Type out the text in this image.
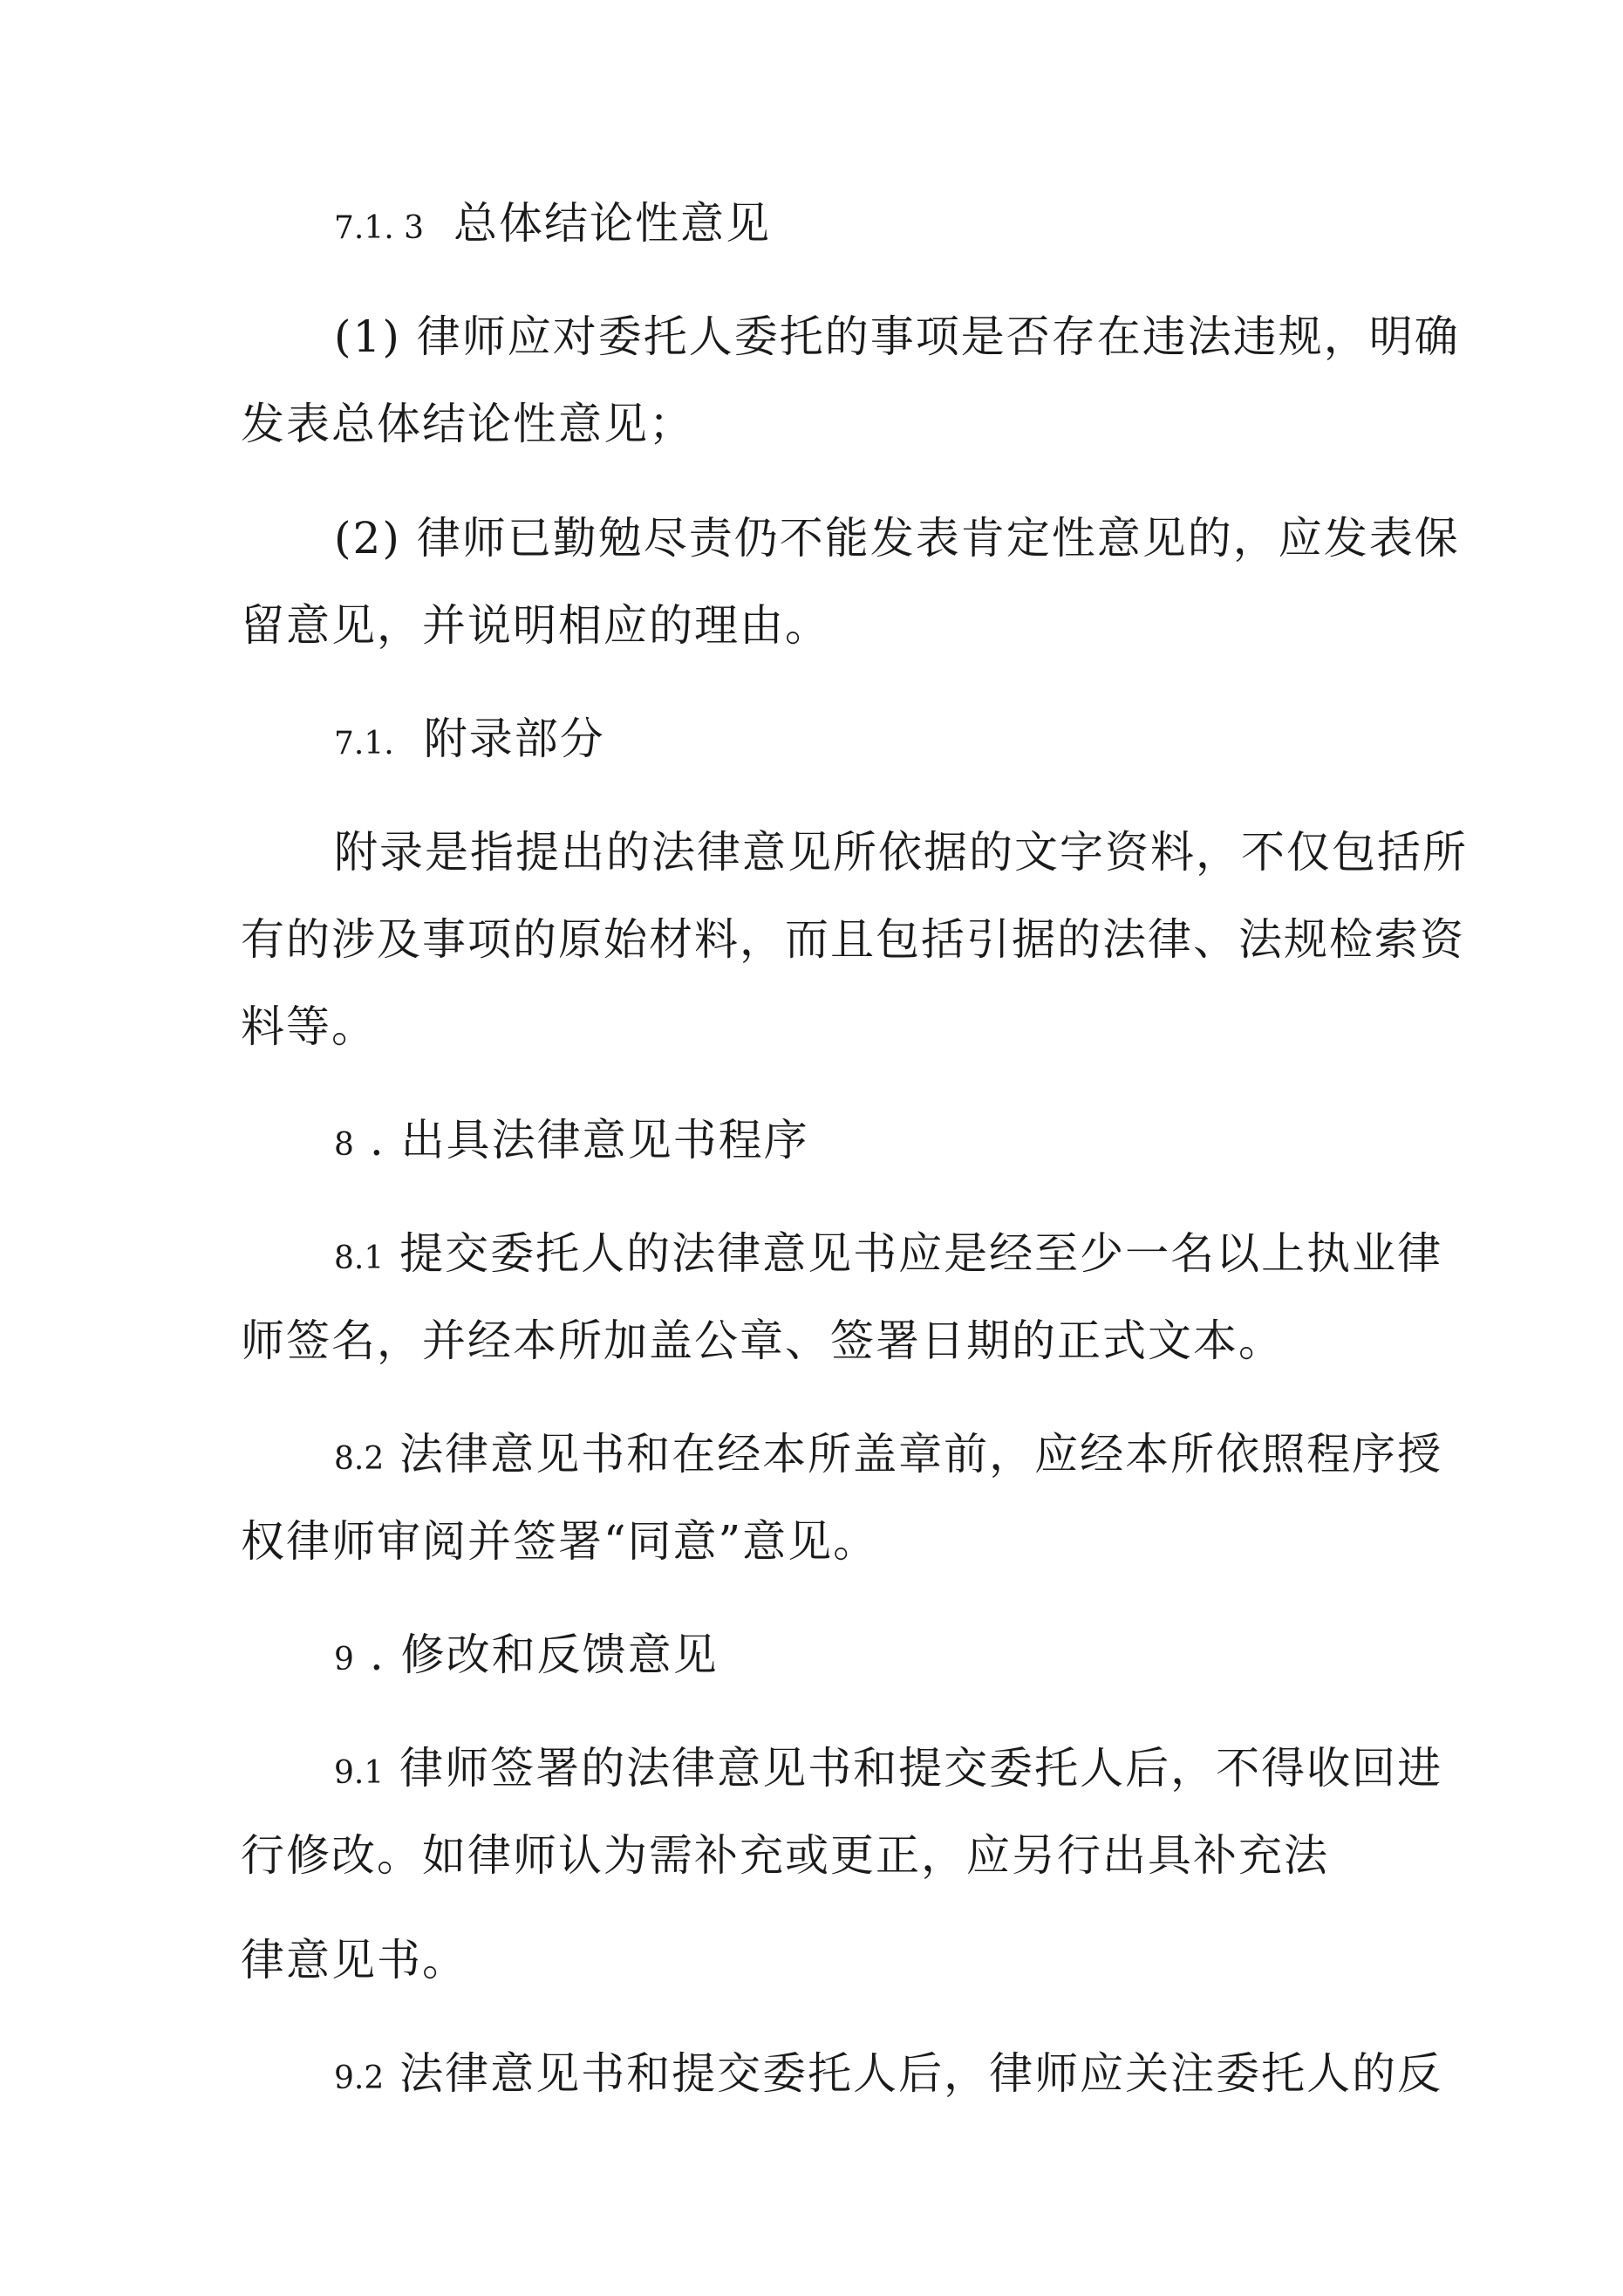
7.1. 3 总体结论性意见
(1) 律师应对委托人委托的事项是否存在违法违规，明确
发表总体结论性意见；
(2) 律师已勤勉尽责仍不能发表肯定性意见的，应发表保
留意见，并说明相应的理由。
7.1. 附录部分
附录是指提出的法律意见所依据的文字资料，不仅包括所
有的涉及事项的原始材料，而且包括引据的法律、法规检索资
料等。
8 . 出具法律意见书程序
8.1 提交委托人的法律意见书应是经至少一名以上执业律
师签名，并经本所加盖公章、签署日期的正式文本。
8.2 法律意见书和在经本所盖章前，应经本所依照程序授
权律师审阅并签署“同意”意见。
9 . 修改和反馈意见
9.1 律师签署的法律意见书和提交委托人后，不得收回进
行修改。如律师认为需补充或更正，应另行出具补充法
律意见书。
9.2 法律意见书和提交委托人后，律师应关注委托人的反
